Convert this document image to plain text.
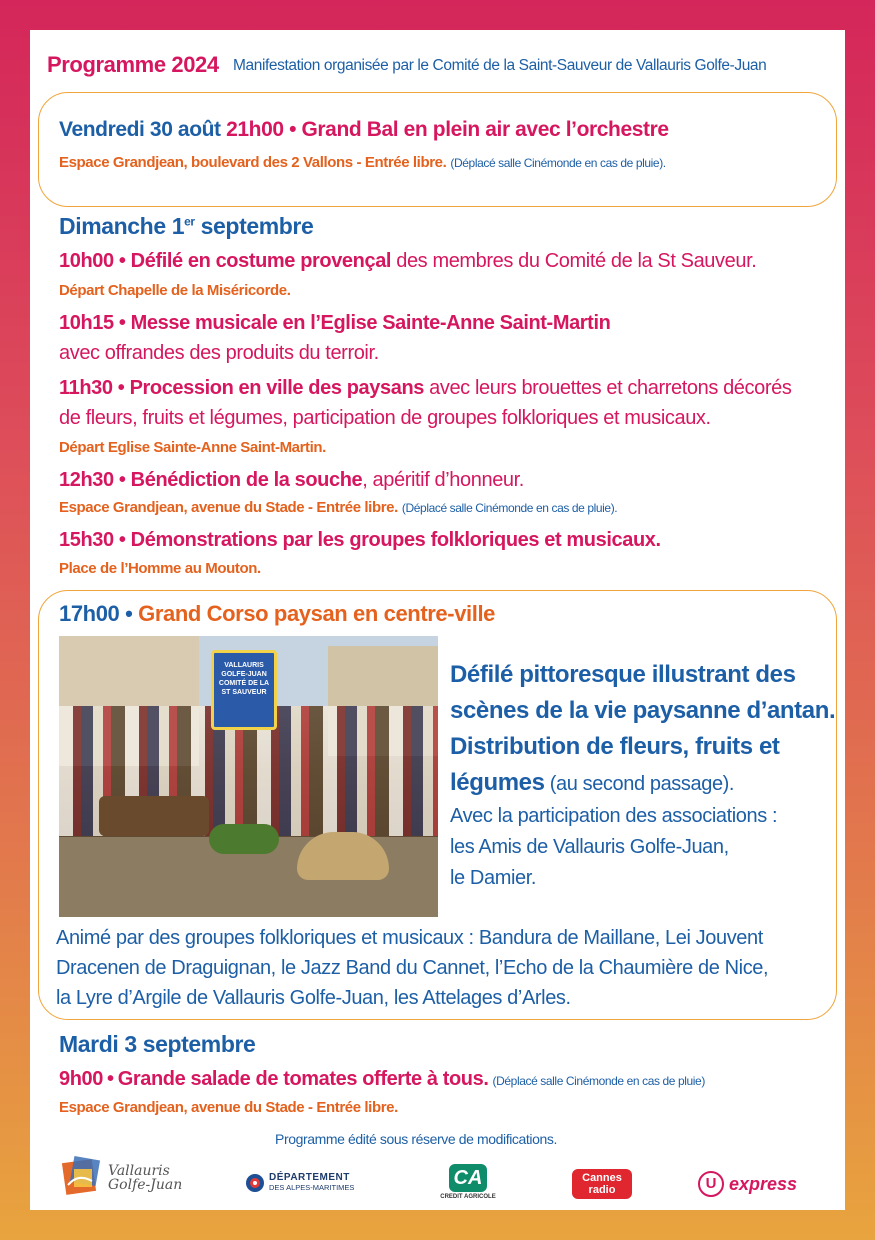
Programme 2024 Manifestation organisée par le Comité de la Saint-Sauveur de Vallauris Golfe-Juan
Vendredi 30 août 21h00 • Grand Bal en plein air avec l’orchestre
Espace Grandjean, boulevard des 2 Vallons - Entrée libre. (Déplacé salle Cinémonde en cas de pluie).
Dimanche 1er septembre
10h00 • Défilé en costume provençal des membres du Comité de la St Sauveur.
Départ Chapelle de la Miséricorde.
10h15 • Messe musicale en l’Eglise Sainte-Anne Saint-Martin
avec offrandes des produits du terroir.
11h30 • Procession en ville des paysans avec leurs brouettes et charretons décorés
de fleurs, fruits et légumes, participation de groupes folkloriques et musicaux.
Départ Eglise Sainte-Anne Saint-Martin.
12h30 • Bénédiction de la souche, apéritif d’honneur.
Espace Grandjean, avenue du Stade - Entrée libre. (Déplacé salle Cinémonde en cas de pluie).
15h30 • Démonstrations par les groupes folkloriques et musicaux.
Place de l’Homme au Mouton.
17h00 • Grand Corso paysan en centre-ville
VALLAURIS GOLFE-JUAN COMITÉ DE LA ST SAUVEUR
Défilé pittoresque illustrant des
scènes de la vie paysanne d’antan.
Distribution de fleurs, fruits et
légumes (au second passage).
Avec la participation des associations :
les Amis de Vallauris Golfe-Juan,
le Damier.
Animé par des groupes folkloriques et musicaux : Bandura de Maillane, Lei Jouvent
Dracenen de Draguignan, le Jazz Band du Cannet, l’Echo de la Chaumière de Nice,
la Lyre d’Argile de Vallauris Golfe-Juan, les Attelages d’Arles.
Mardi 3 septembre
9h00 • Grande salade de tomates offerte à tous. (Déplacé salle Cinémonde en cas de pluie)
Espace Grandjean, avenue du Stade - Entrée libre.
Programme édité sous réserve de modifications.
Vallauris Golfe-Juan	DÉPARTEMENT
DES ALPES-MARITIMES	CA
CREDIT AGRICOLE
Cannes radio	U express
